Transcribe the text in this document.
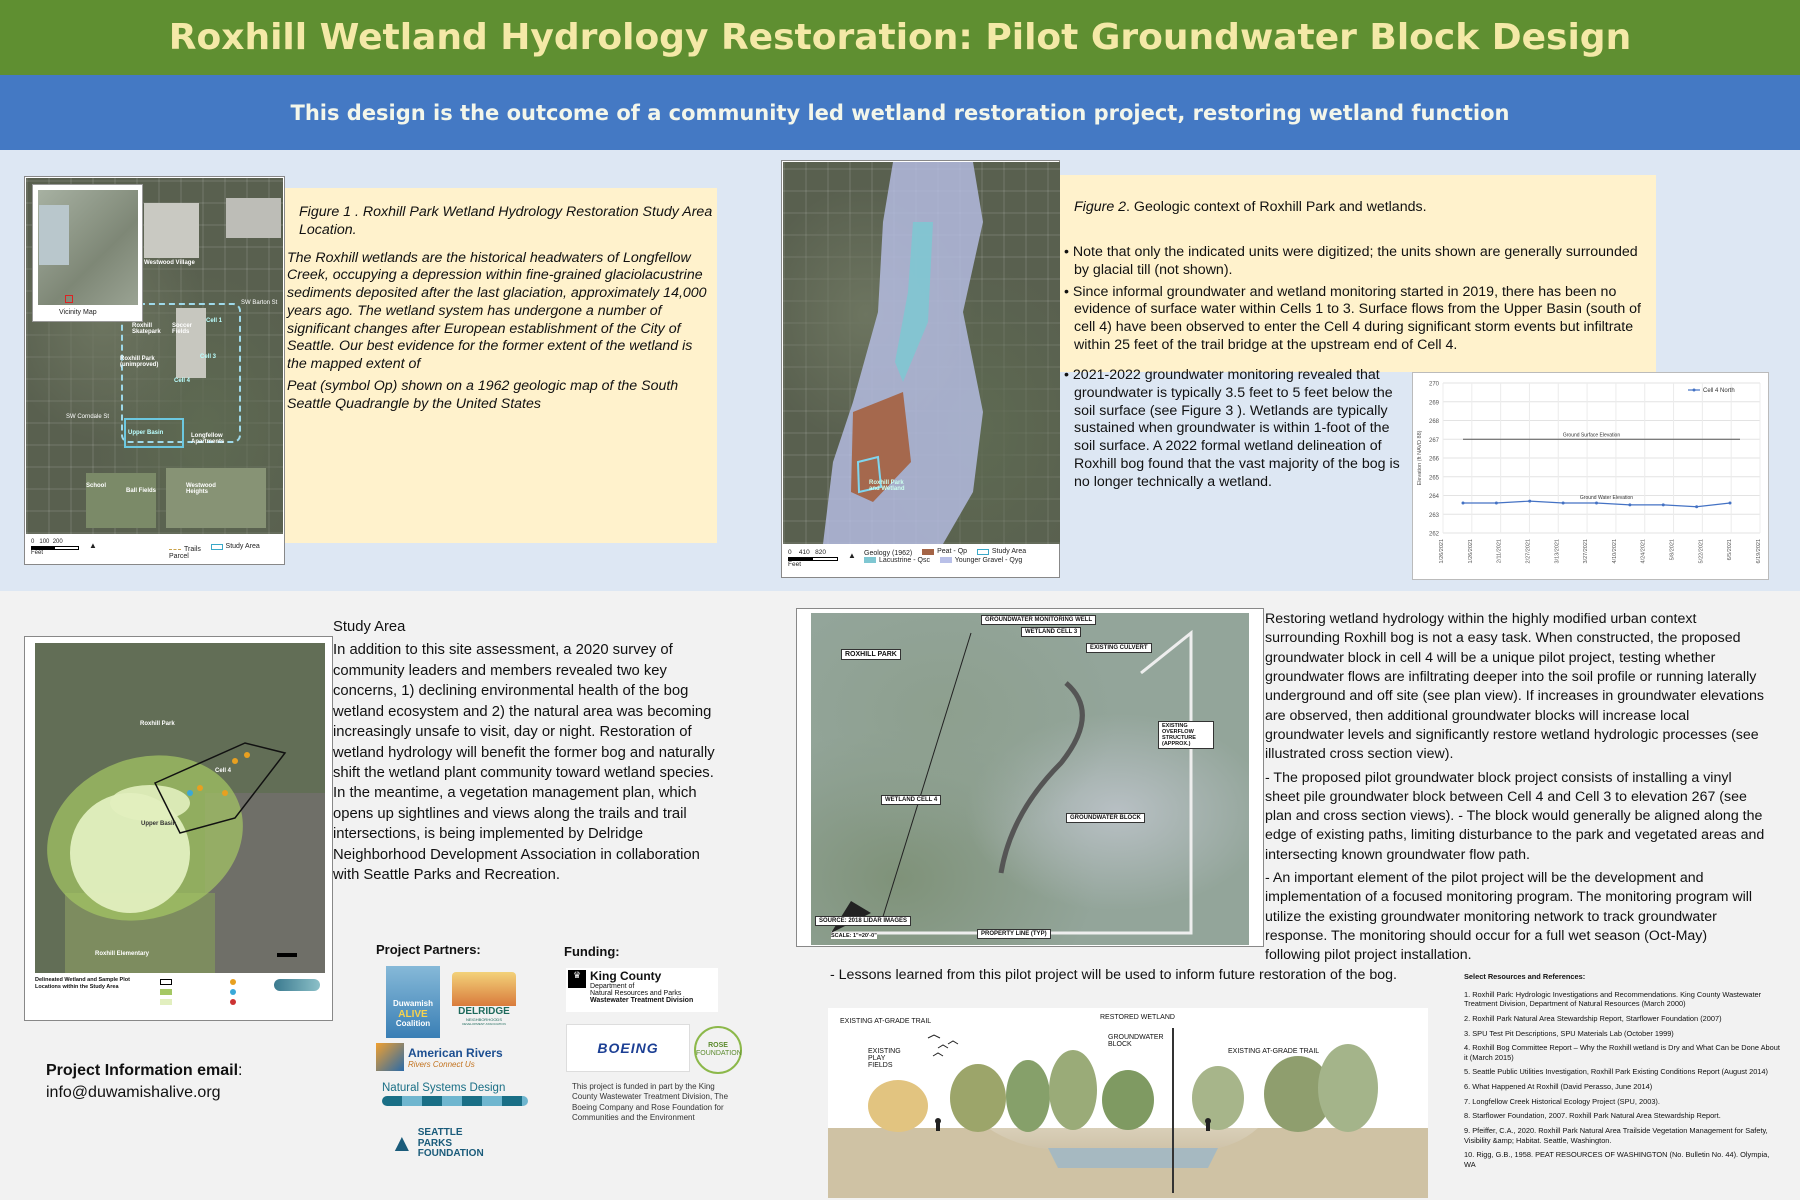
Roxhill Wetland Hydrology Restoration: Pilot Groundwater Block Design
This design is the outcome of a community led wetland restoration project, restoring wetland function
Vicinity Map
Westwood Village
Roxhill Skatepark
Soccer Fields
Cell 1
Cell 3
Cell 4
Roxhill Park (unimproved)
Upper Basin	Longfellow Apartments
School
Ball Fields
Westwood Heights
SW Corndale St
SW Barton St
0 100 200
Feet
▲	Trails
	Study Area

Parcel

Figure 1 . Roxhill Park Wetland Hydrology Restoration Study Area Location.

The Roxhill wetlands are the historical headwaters of Longfellow Creek, occupying a depression within fine-grained glaciolacustrine sediments deposited after the last glaciation, approximately 14,000 years ago. The wetland system has undergone a number of significant changes after European establishment of the City of Seattle. Our best evidence for the former extent of the wetland is the mapped extent of

Peat (symbol Op) shown on a 1962 geologic map of the South Seattle Quadrangle by the United States

Roxhill Park and Wetland
0 410 820
Feet
▲ Geology (1962)
	Peat - Qp
	Study Area

Lacustrine - Qsc
	Younger Gravel - Qyg

Figure 2. Geologic context of Roxhill Park and wetlands.

• Note that only the indicated units were digitized; the units shown are generally surrounded by glacial till (not shown).

• Since informal groundwater and wetland monitoring started in 2019, there has been no evidence of surface water within Cells 1 to 3. Surface flows from the Upper Basin (south of cell 4) have been observed to enter the Cell 4 during significant storm events but infiltrate within 25 feet of the trail bridge at the upstream end of Cell 4.

• 2021-2022 groundwater monitoring revealed that groundwater is typically 3.5 feet to 5 feet below the soil surface (see Figure 3 ). Wetlands are typically sustained when groundwater is within 1-foot of the soil surface. A 2022 formal wetland delineation of Roxhill bog found that the vast majority of the bog is no longer technically a wetland.

262
263
264
265
266
267
268
269
270
1/26/2021	1/26/2021	2/11/2021	2/27/2021	3/13/2021	3/27/2021	4/10/2021	4/24/2021	5/8/2021	5/22/2021	6/5/2021	6/19/2021
Elevation (ft NAVD 88)	Ground Surface Elevation
Ground Water Elevation
Cell 4 North
Roxhill Park
Upper Basin
Cell 4
Roxhill Elementary
Delineated Wetland and Sample Plot Locations within the Study Area

Study Area

In addition to this site assessment, a 2020 survey of community leaders and members revealed two key concerns, 1) declining environmental health of the bog wetland ecosystem and 2) the natural area was becoming increasingly unsafe to visit, day or night. Restoration of wetland hydrology will benefit the former bog and naturally shift the wetland plant community toward wetland species. In the meantime, a vegetation management plan, which opens up sightlines and views along the trails and trail intersections, is being implemented by Delridge Neighborhood Development Association in collaboration with Seattle Parks and Recreation.

Project Information email:

info@duwamishalive.org

Project Partners:

Duwamish
ALIVE
Coalition
DELRIDGE
NEIGHBORHOODS
DEVELOPMENT ASSOCIATION
American Rivers
Rivers Connect Us
Natural Systems Design
▲ SEATTLE
PARKS
FOUNDATION

Funding:

♛ King County
Department of
Natural Resources and Parks
Wastewater Treatment Division
BOEING	ROSE
FOUNDATION

This project is funded in part by the King County Wastewater Treatment Division, The Boeing Company and Rose Foundation for Communities and the Environment

ROXHILL PARK
GROUNDWATER MONITORING WELL
WETLAND CELL 3
EXISTING CULVERT
EXISTING OVERFLOW STRUCTURE (APPROX.)
GROUNDWATER BLOCK
WETLAND CELL 4
PROPERTY LINE (TYP)
SOURCE: 2018 LIDAR IMAGES
SCALE: 1"=20'-0"

Restoring wetland hydrology within the highly modified urban context surrounding Roxhill bog is not a easy task. When constructed, the proposed groundwater block in cell 4 will be a unique pilot project, testing whether groundwater flows are infiltrating deeper into the soil profile or running laterally underground and off site (see plan view). If increases in groundwater elevations are observed, then additional groundwater blocks will increase local groundwater levels and significantly restore wetland hydrologic processes (see illustrated cross section view).

- The proposed pilot groundwater block project consists of installing a vinyl sheet pile groundwater block between Cell 4 and Cell 3 to elevation 267 (see plan and cross section views). - The block would generally be aligned along the edge of existing paths, limiting disturbance to the park and vegetated areas and intersecting known groundwater flow path.

- An important element of the pilot project will be the development and implementation of a focused monitoring program. The monitoring program will utilize the existing groundwater monitoring network to track groundwater response. The monitoring should occur for a full wet season (Oct-May) following pilot project installation.

- Lessons learned from this pilot project will be used to inform future restoration of the bog.

EXISTING AT-GRADE TRAIL
EXISTING PLAY FIELDS
RESTORED WETLAND
GROUNDWATER BLOCK
EXISTING AT-GRADE TRAIL

Select Resources and References:

1. Roxhill Park: Hydrologic Investigations and Recommendations. King County Wastewater Treatment Division, Department of Natural Resources (March 2000)

2. Roxhill Park Natural Area Stewardship Report, Starflower Foundation (2007)

3. SPU Test Pit Descriptions, SPU Materials Lab (October 1999)

4. Roxhill Bog Committee Report – Why the Roxhill wetland is Dry and What Can be Done About it (March 2015)

5. Seattle Public Utilities Investigation, Roxhill Park Existing Conditions Report (August 2014)

6. What Happened At Roxhill (David Perasso, June 2014)

7. Longfellow Creek Historical Ecology Project (SPU, 2003).

8. Starflower Foundation, 2007. Roxhill Park Natural Area Stewardship Report.

9. Pfeiffer, C.A., 2020. Roxhill Park Natural Area Trailside Vegetation Management for Safety, Visibility &amp; Habitat. Seattle, Washington.

10. Rigg, G.B., 1958. PEAT RESOURCES OF WASHINGTON (No. Bulletin No. 44). Olympia, WA
